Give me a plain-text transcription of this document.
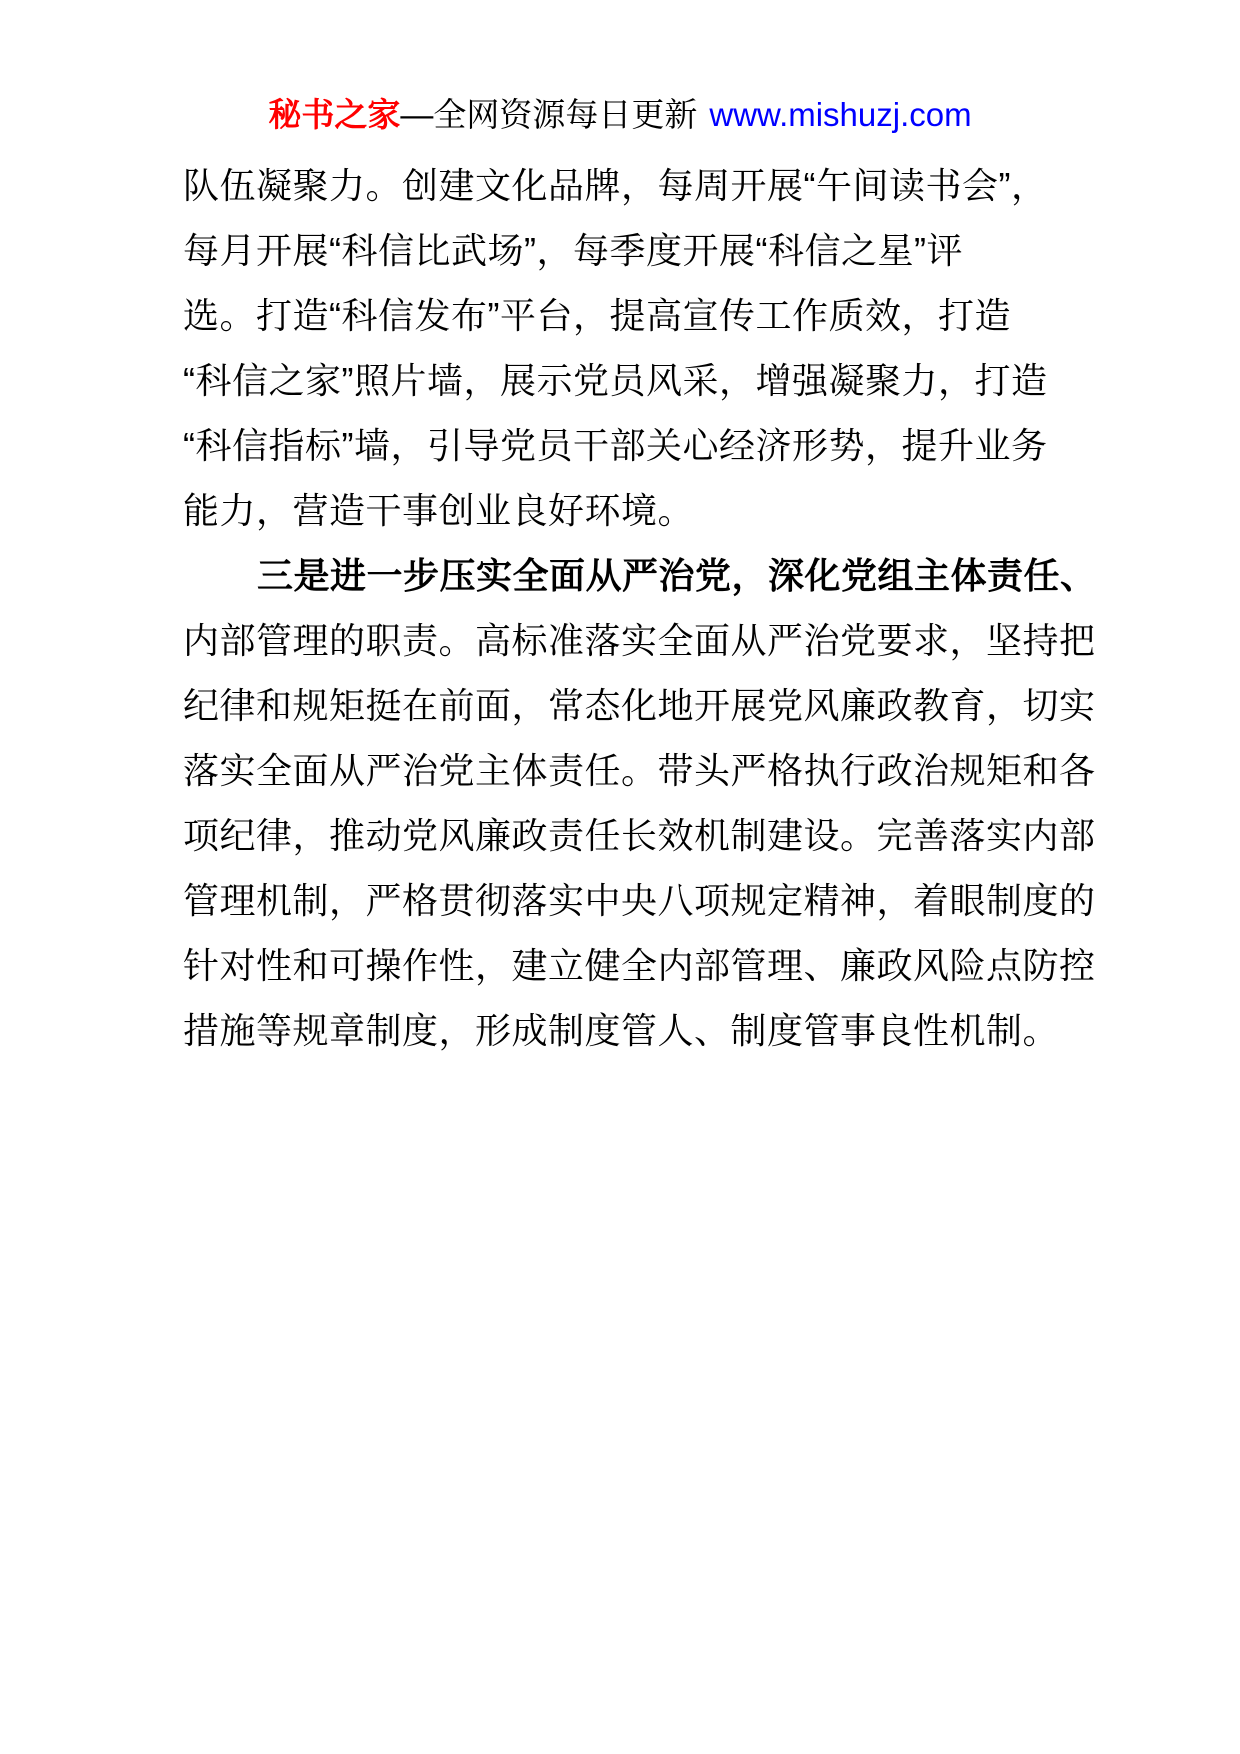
秘书之家—全网资源每日更新 www.mishuzj.com
队伍凝聚力。创建文化品牌，每周开展“午间读书会”，
每月开展“科信比武场”，每季度开展“科信之星”评
选。打造“科信发布”平台，提高宣传工作质效，打造
“科信之家”照片墙，展示党员风采，增强凝聚力，打造
“科信指标”墙，引导党员干部关心经济形势，提升业务
能力，营造干事创业良好环境。
三是进一步压实全面从严治党，深化党组主体责任、
内部管理的职责。高标准落实全面从严治党要求，坚持把
纪律和规矩挺在前面，常态化地开展党风廉政教育，切实
落实全面从严治党主体责任。带头严格执行政治规矩和各
项纪律，推动党风廉政责任长效机制建设。完善落实内部
管理机制，严格贯彻落实中央八项规定精神，着眼制度的
针对性和可操作性，建立健全内部管理、廉政风险点防控
措施等规章制度，形成制度管人、制度管事良性机制。
